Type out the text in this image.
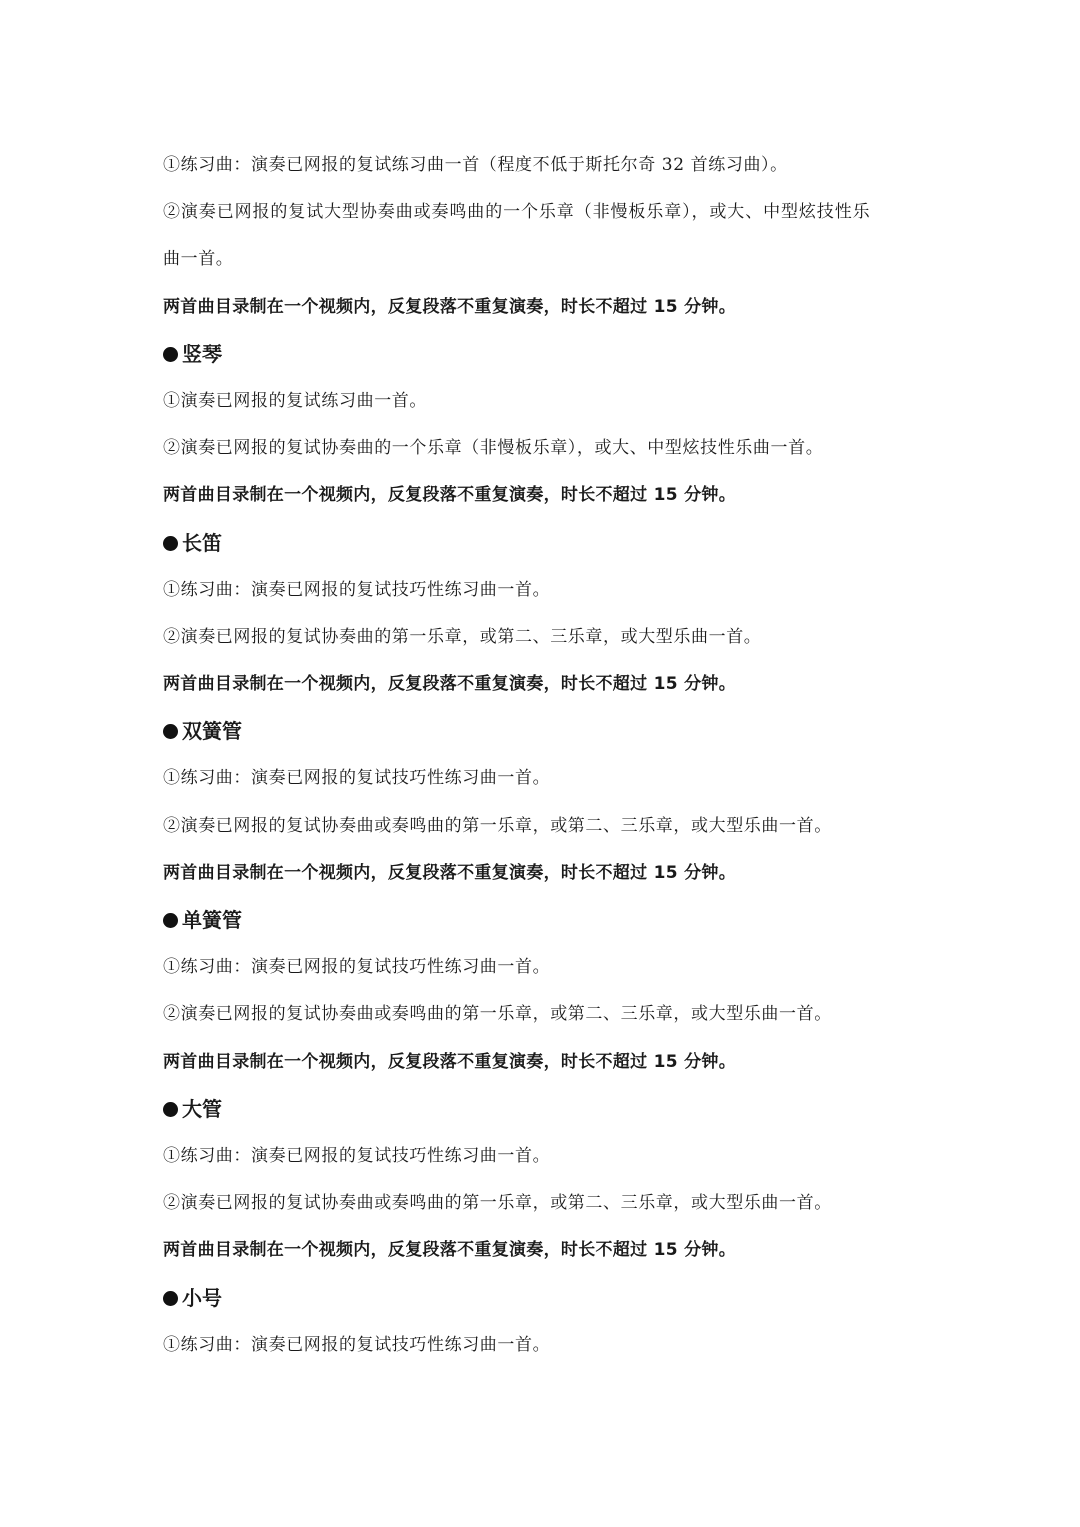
①练习曲：演奏已网报的复试练习曲一首（程度不低于斯托尔奇 32 首练习曲）。
②演奏已网报的复试大型协奏曲或奏鸣曲的一个乐章（非慢板乐章），或大、中型炫技性乐
曲一首。
两首曲目录制在一个视频内，反复段落不重复演奏，时长不超过 15 分钟。
竖琴
①演奏已网报的复试练习曲一首。
②演奏已网报的复试协奏曲的一个乐章（非慢板乐章），或大、中型炫技性乐曲一首。
两首曲目录制在一个视频内，反复段落不重复演奏，时长不超过 15 分钟。
长笛
①练习曲：演奏已网报的复试技巧性练习曲一首。
②演奏已网报的复试协奏曲的第一乐章，或第二、三乐章，或大型乐曲一首。
两首曲目录制在一个视频内，反复段落不重复演奏，时长不超过 15 分钟。
双簧管
①练习曲：演奏已网报的复试技巧性练习曲一首。
②演奏已网报的复试协奏曲或奏鸣曲的第一乐章，或第二、三乐章，或大型乐曲一首。
两首曲目录制在一个视频内，反复段落不重复演奏，时长不超过 15 分钟。
单簧管
①练习曲：演奏已网报的复试技巧性练习曲一首。
②演奏已网报的复试协奏曲或奏鸣曲的第一乐章，或第二、三乐章，或大型乐曲一首。
两首曲目录制在一个视频内，反复段落不重复演奏，时长不超过 15 分钟。
大管
①练习曲：演奏已网报的复试技巧性练习曲一首。
②演奏已网报的复试协奏曲或奏鸣曲的第一乐章，或第二、三乐章，或大型乐曲一首。
两首曲目录制在一个视频内，反复段落不重复演奏，时长不超过 15 分钟。
小号
①练习曲：演奏已网报的复试技巧性练习曲一首。
